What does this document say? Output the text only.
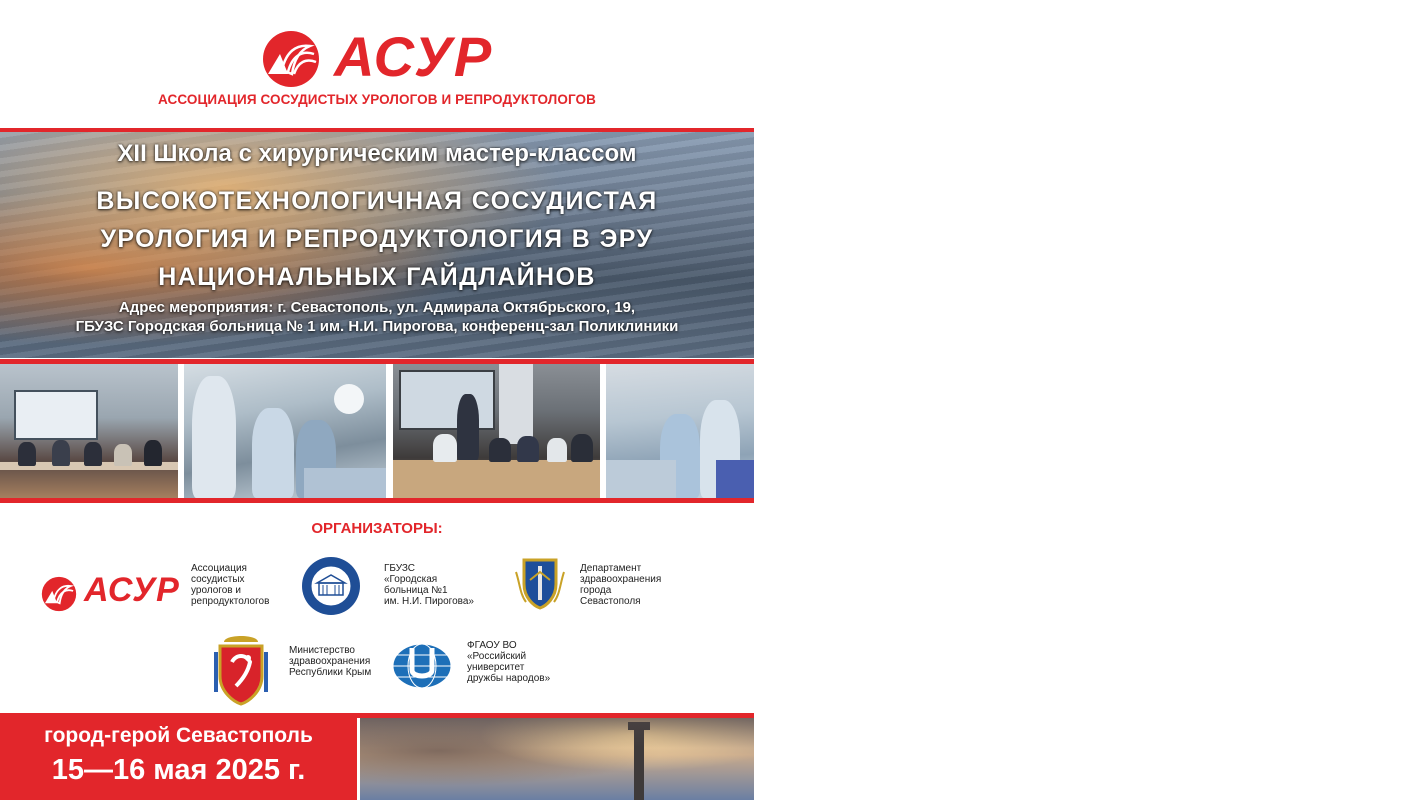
АСУР
АССОЦИАЦИЯ СОСУДИСТЫХ УРОЛОГОВ И РЕПРОДУКТОЛОГОВ
XII Школа с хирургическим мастер-классом
ВЫСОКОТЕХНОЛОГИЧНАЯ СОСУДИСТАЯ
УРОЛОГИЯ И РЕПРОДУКТОЛОГИЯ В ЭРУ
НАЦИОНАЛЬНЫХ ГАЙДЛАЙНОВ
Адрес мероприятия: г. Севастополь, ул. Адмирала Октябрьского, 19,
ГБУЗС Городская больница № 1 им. Н.И. Пирогова, конференц-зал Поликлиники
ОРГАНИЗАТОРЫ:
АСУР
Ассоциация
сосудистых
урологов и
репродуктологов
ГБУЗС
«Городская
больница №1
им. Н.И. Пирогова»
Департамент
здравоохранения
города
Севастополя
Министерство
здравоохранения
Республики Крым
ФГАОУ ВО
«Российский
университет
дружбы народов»
город-герой Севастополь
15—16 мая 2025 г.
